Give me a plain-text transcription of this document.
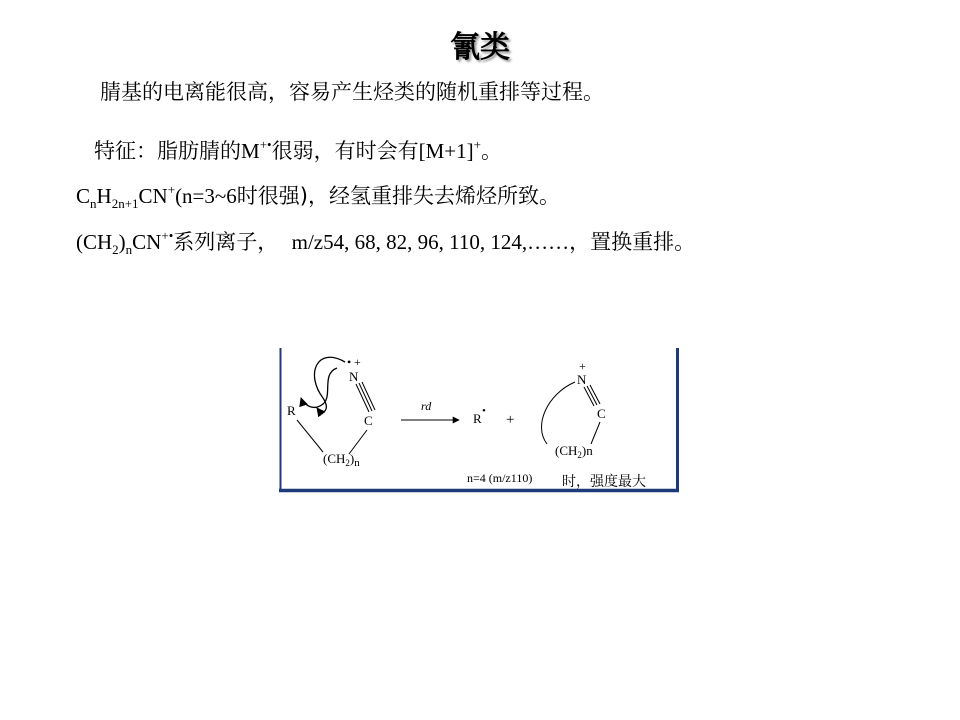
氰类
腈基的电离能很高，容易产生烃类的随机重排等过程。
特征：脂肪腈的M+•很弱，有时会有[M+1]+。
$C_nH_{2n+1}CN^+(n=3\sim 6$时很强)，经氢重排失去烯烃所致。
$(CH_2)_nCN^{+•}$系列离子， m/z54, 68, 82, 96, 110, 124,……，置换重排。
• +
N
C
R
$(CH_2)_n$
rd
R •
+
+
N
C
$(CH_2)n$
n=4 (m/z110) 时，强度最大
